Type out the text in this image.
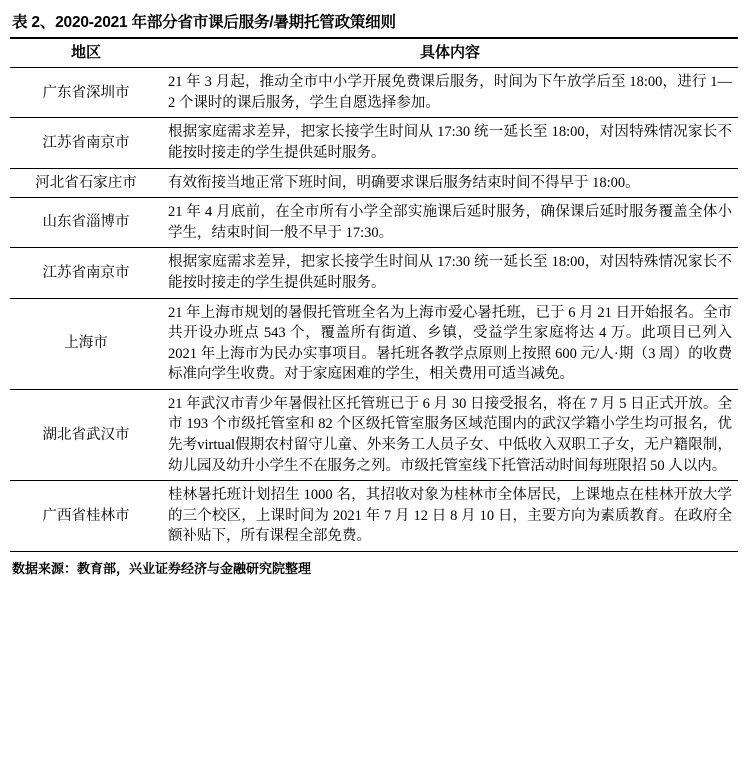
表 2、2020-2021 年部分省市课后服务/暑期托管政策细则
地区	具体内容
广东省深圳市	21 年 3 月起，推动全市中小学开展免费课后服务，时间为下午放学后至 18:00，进行 1—2 个课时的课后服务，学生自愿选择参加。
江苏省南京市	根据家庭需求差异，把家长接学生时间从 17:30 统一延长至 18:00，对因特殊情况家长不能按时接走的学生提供延时服务。
河北省石家庄市	有效衔接当地正常下班时间，明确要求课后服务结束时间不得早于 18:00。
山东省淄博市	21 年 4 月底前，在全市所有小学全部实施课后延时服务，确保课后延时服务覆盖全体小学生，结束时间一般不早于 17:30。
江苏省南京市	根据家庭需求差异，把家长接学生时间从 17:30 统一延长至 18:00，对因特殊情况家长不能按时接走的学生提供延时服务。
上海市	21 年上海市规划的暑假托管班全名为上海市爱心暑托班，已于 6 月 21 日开始报名。全市共开设办班点 543 个，覆盖所有街道、乡镇，受益学生家庭将达 4 万。此项目已列入 2021 年上海市为民办实事项目。暑托班各教学点原则上按照 600 元/人·期（3 周）的收费标准向学生收费。对于家庭困难的学生，相关费用可适当减免。
湖北省武汉市	21 年武汉市青少年暑假社区托管班已于 6 月 30 日接受报名，将在 7 月 5 日正式开放。全市 193 个市级托管室和 82 个区级托管室服务区域范围内的武汉学籍小学生均可报名，优先考virtual假期农村留守儿童、外来务工人员子女、中低收入双职工子女，无户籍限制，幼儿园及幼升小学生不在服务之列。市级托管室线下托管活动时间每班限招 50 人以内。
广西省桂林市	桂林暑托班计划招生 1000 名，其招收对象为桂林市全体居民，上课地点在桂林开放大学的三个校区，上课时间为 2021 年 7 月 12 日 8 月 10 日，主要方向为素质教育。在政府全额补贴下，所有课程全部免费。
数据来源：教育部，兴业证券经济与金融研究院整理
